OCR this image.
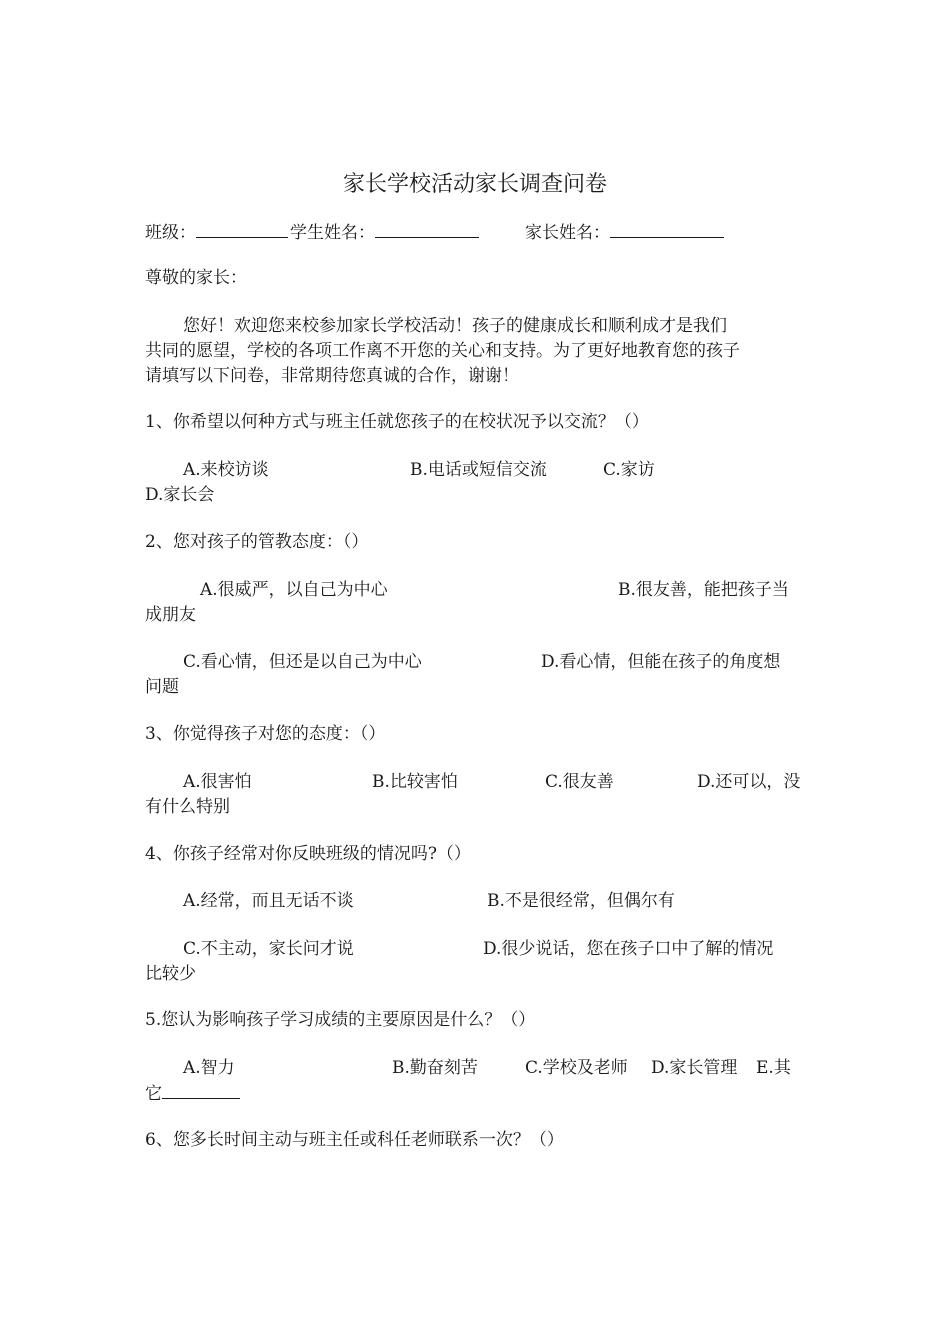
家长学校活动家长调查问卷
班级：	学生姓名：	家长姓名：
尊敬的家长：
您好！欢迎您来校参加家长学校活动！孩子的健康成长和顺利成才是我们
共同的愿望，学校的各项工作离不开您的关心和支持。为了更好地教育您的孩子
请填写以下问卷，非常期待您真诚的合作，谢谢！
1、你希望以何种方式与班主任就您孩子的在校状况予以交流？（）
A.来校访谈	B.电话或短信交流	C.家访
D.家长会
2、您对孩子的管教态度：（）
A.很威严，以自己为中心	B.很友善，能把孩子当
成朋友
C.看心情，但还是以自己为中心	D.看心情，但能在孩子的角度想
问题
3、你觉得孩子对您的态度：（）
A.很害怕	B.比较害怕	C.很友善	D.还可以，没
有什么特别
4、你孩子经常对你反映班级的情况吗?（）
A.经常，而且无话不谈	B.不是很经常，但偶尔有
C.不主动，家长问才说	D.很少说话，您在孩子口中了解的情况
比较少
5.您认为影响孩子学习成绩的主要原因是什么？（）
A.智力	B.勤奋刻苦	C.学校及老师 D.家长管理 E.其
它
6、您多长时间主动与班主任或科任老师联系一次？（）
